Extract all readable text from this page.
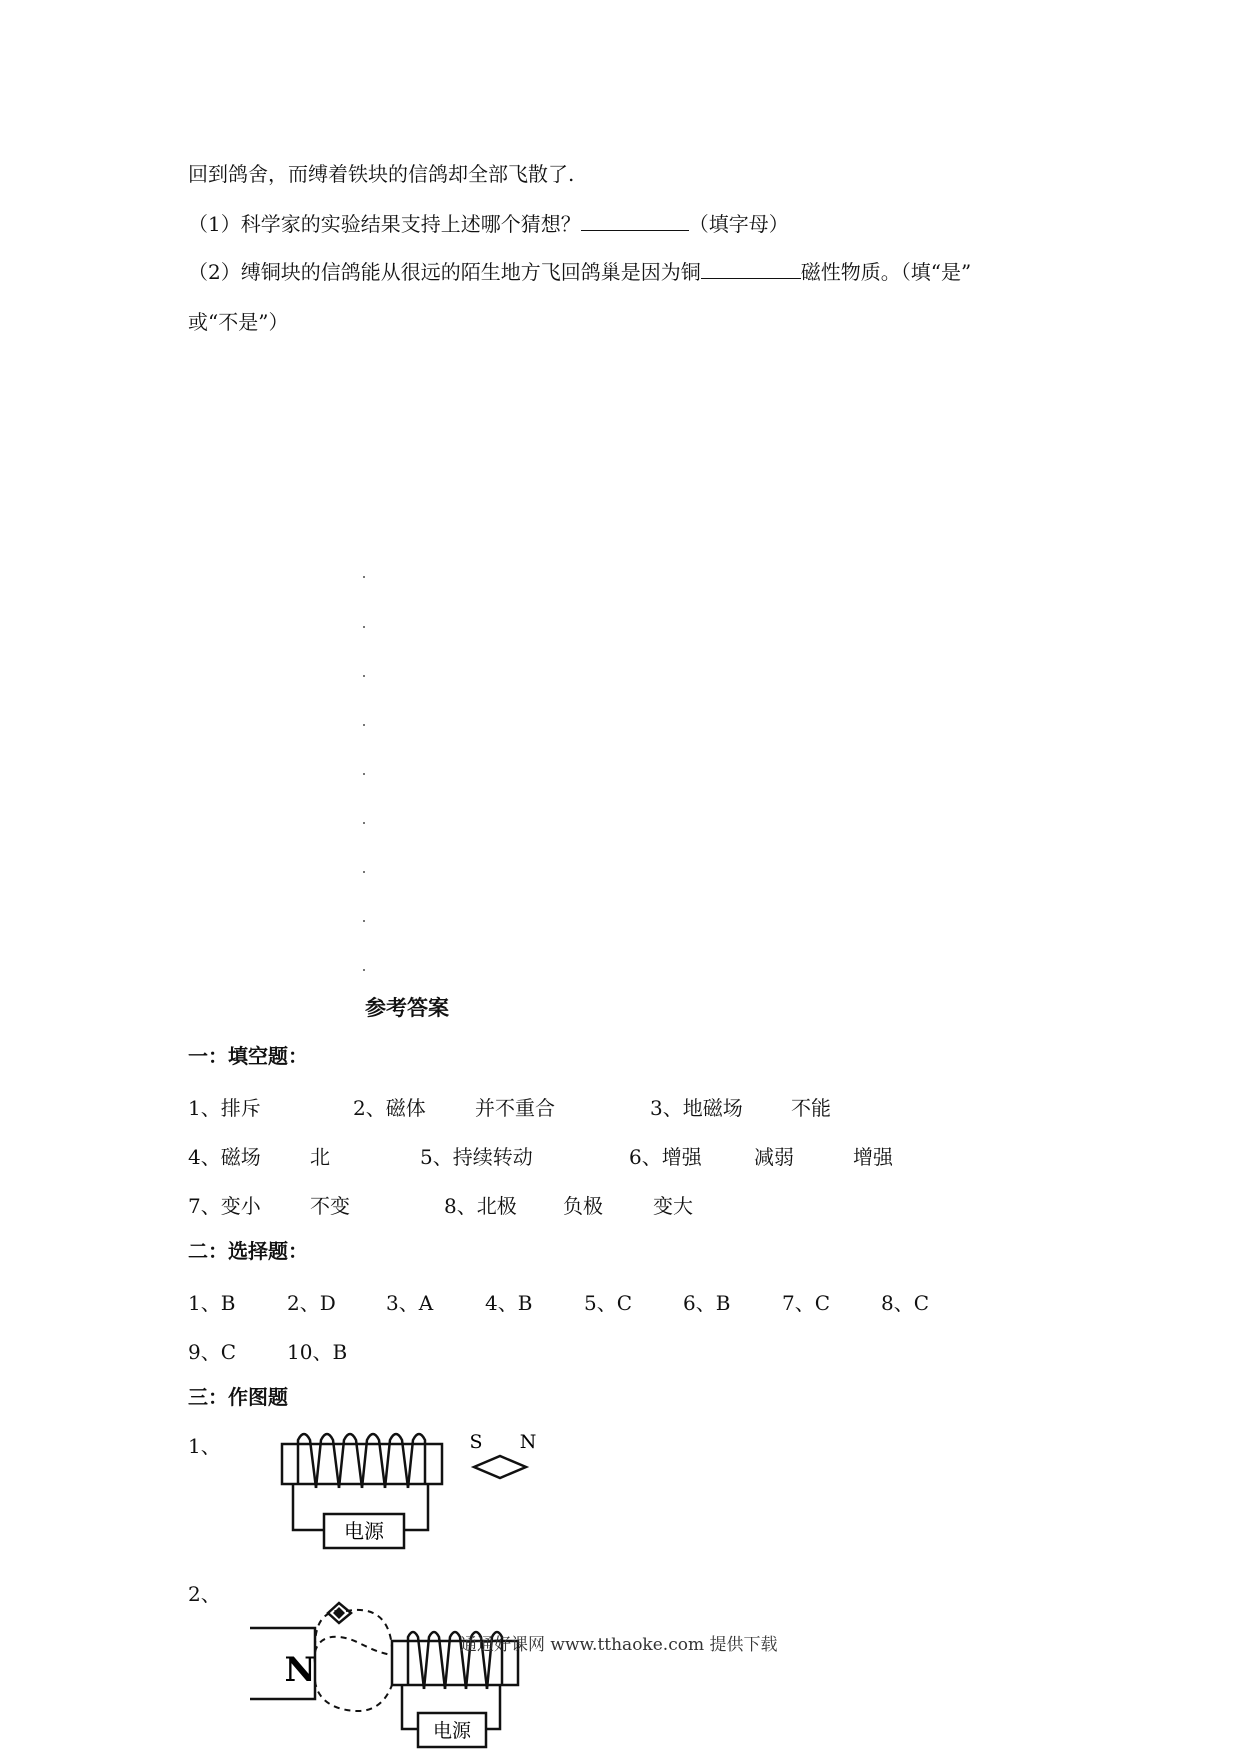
回到鸽舍，而缚着铁块的信鸽却全部飞散了.
（1）科学家的实验结果支持上述哪个猜想？	（填字母）
（2）缚铜块的信鸽能从很远的陌生地方飞回鸽巢是因为铜	磁性物质。（填“是”
或“不是”）
参考答案
一：填空题：
1、排斥	2、磁体 并不重合	3、地磁场 不能
4、磁场 北	5、持续转动	6、增强	减弱	增强
7、变小 不变	8、北极 负极	变大
二：选择题：
1、B	2、D	3、A	4、B	5、C	6、B	7、C	8、C
9、C	10、B
三：作图题
1、
2、
电源
S N
N
电源
通通好课网 www.tthaoke.com 提供下载
